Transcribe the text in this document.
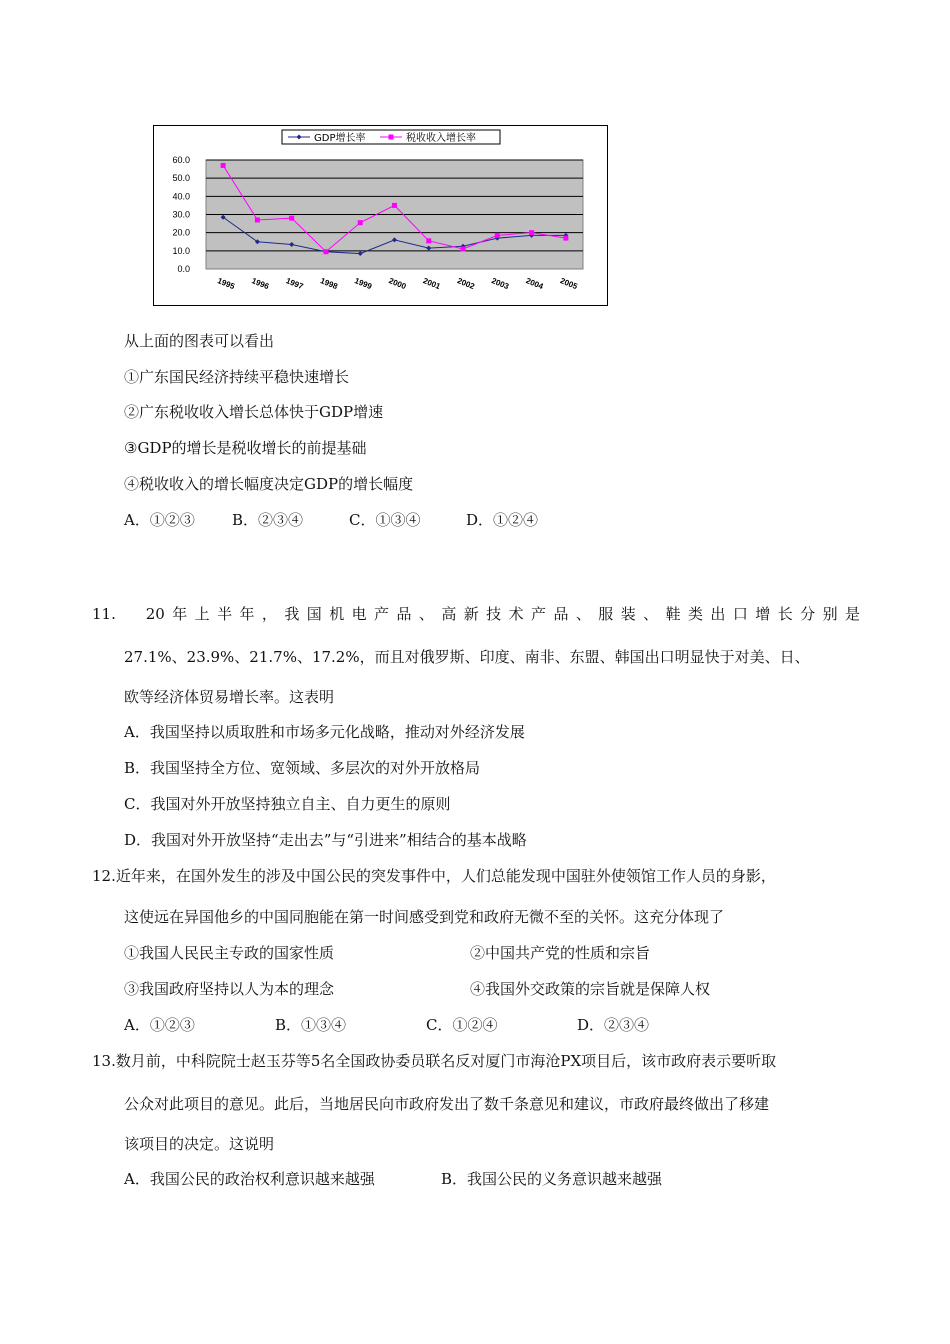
0.0
10.0
20.0
30.0
40.0
50.0
60.0
1995 1996 1997 1998 1999 2000 2001 2002 2003 2004 2005
GDP增长率	税收收入增长率
从上面的图表可以看出
①广东国民经济持续平稳快速增长
②广东税收收入增长总体快于GDP增速
③GDP的增长是税收增长的前提基础
④税收收入的增长幅度决定GDP的增长幅度
A．①②③ B．②③④	C．①③④	D．①②④
11.　20年上半年，我国机电产品、高新技术产品、服装、鞋类出口增长分别是
27.1%、23.9%、21.7%、17.2%，而且对俄罗斯、印度、南非、东盟、韩国出口明显快于对美、日、
欧等经济体贸易增长率。这表明
A．我国坚持以质取胜和市场多元化战略，推动对外经济发展
B．我国坚持全方位、宽领域、多层次的对外开放格局
C．我国对外开放坚持独立自主、自力更生的原则
D．我国对外开放坚持“走出去”与“引进来”相结合的基本战略
12.近年来，在国外发生的涉及中国公民的突发事件中，人们总能发现中国驻外使领馆工作人员的身影，
这使远在异国他乡的中国同胞能在第一时间感受到党和政府无微不至的关怀。这充分体现了
①我国人民民主专政的国家性质	②中国共产党的性质和宗旨
③我国政府坚持以人为本的理念	④我国外交政策的宗旨就是保障人权
A．①②③	B．①③④	C．①②④	D．②③④
13.数月前，中科院院士赵玉芬等5名全国政协委员联名反对厦门市海沧PX项目后，该市政府表示要听取
公众对此项目的意见。此后，当地居民向市政府发出了数千条意见和建议，市政府最终做出了移建
该项目的决定。这说明
A．我国公民的政治权利意识越来越强	B．我国公民的义务意识越来越强
